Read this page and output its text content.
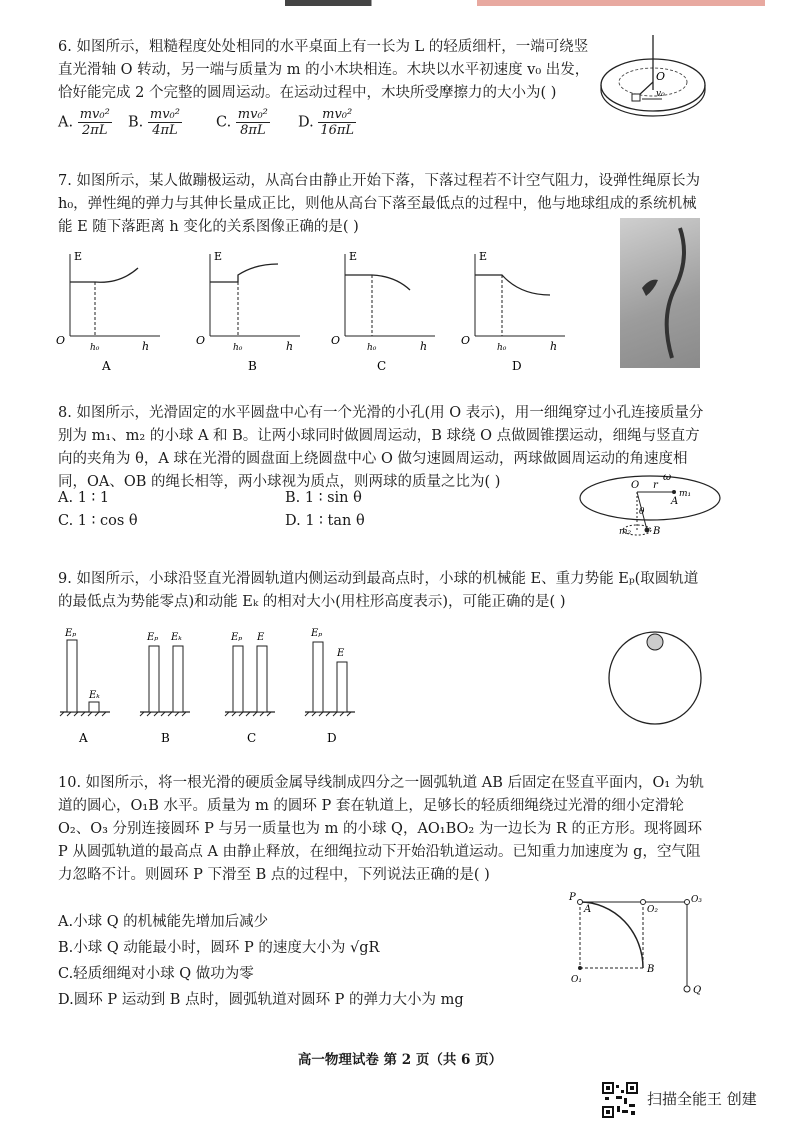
6. 如图所示，粗糙程度处处相同的水平桌面上有一长为 L 的轻质细杆，一端可绕竖直光滑轴 O 转动，另一端与质量为 m 的小木块相连。木块以水平初速度 v₀ 出发，恰好能完成 2 个完整的圆周运动。在运动过程中，木块所受摩擦力的大小为( )
A. $\frac{\text{mv₀²}}{2\pi L} B$. $\frac{\text{mv₀²}}{4\pi L} C$. $\frac{\text{mv₀²}}{8\pi L} D$. $\frac{\text{mv₀²}}{16\pi L}$
O
v₀
7. 如图所示，某人做蹦极运动，从高台由静止开始下落，下落过程若不计空气阻力，设弹性绳原长为 h₀，弹性绳的弹力与其伸长量成正比，则他从高台下落至最低点的过程中，他与地球组成的系统机械能 E 随下落距离 h 变化的关系图像正确的是( )
E
O
h₀	h
A
E
O
h₀	h
B
E
O
h₀	h
C
E
O
h₀	h
D
8. 如图所示，光滑固定的水平圆盘中心有一个光滑的小孔(用 O 表示)，用一细绳穿过小孔连接质量分别为 m₁、m₂ 的小球 A 和 B。让两小球同时做圆周运动，B 球绕 O 点做圆锥摆运动，细绳与竖直方向的夹角为 θ，A 球在光滑的圆盘面上绕圆盘中心 O 做匀速圆周运动，两球做圆周运动的角速度相同，OA、OB 的绳长相等，两小球视为质点，则两球的质量之比为( )
A. 1 ∶ 1	B. 1 ∶ sin θ
C. 1 ∶ cos θ	D. 1 ∶ tan θ
O r
ω
m₁
A
θ
m₂ B
9. 如图所示，小球沿竖直光滑圆轨道内侧运动到最高点时，小球的机械能 E、重力势能 Eₚ(取圆轨道的最低点为势能零点)和动能 Eₖ 的相对大小(用柱形高度表示)，可能正确的是( )
Eₚ
Eₖ
A
Eₚ Eₖ
B
Eₚ E
C
Eₚ
E
D
10. 如图所示，将一根光滑的硬质金属导线制成四分之一圆弧轨道 AB 后固定在竖直平面内，O₁ 为轨道的圆心，O₁B 水平。质量为 m 的圆环 P 套在轨道上，足够长的轻质细绳绕过光滑的细小定滑轮 O₂、O₃ 分别连接圆环 P 与另一质量也为 m 的小球 Q，AO₁BO₂ 为一边长为 R 的正方形。现将圆环 P 从圆弧轨道的最高点 A 由静止释放，在细绳拉动下开始沿轨道运动。已知重力加速度为 g，空气阻力忽略不计。则圆环 P 下滑至 B 点的过程中，下列说法正确的是( )
A.小球 Q 的机械能先增加后减少
B.小球 Q 动能最小时，圆环 P 的速度大小为 √gR
C.轻质细绳对小球 Q 做功为零
D.圆环 P 运动到 B 点时，圆弧轨道对圆环 P 的弹力大小为 mg
P
A	O₂
O₃
O₁
B
Q
高一物理试卷 第 2 页（共 6 页）
扫描全能王 创建
